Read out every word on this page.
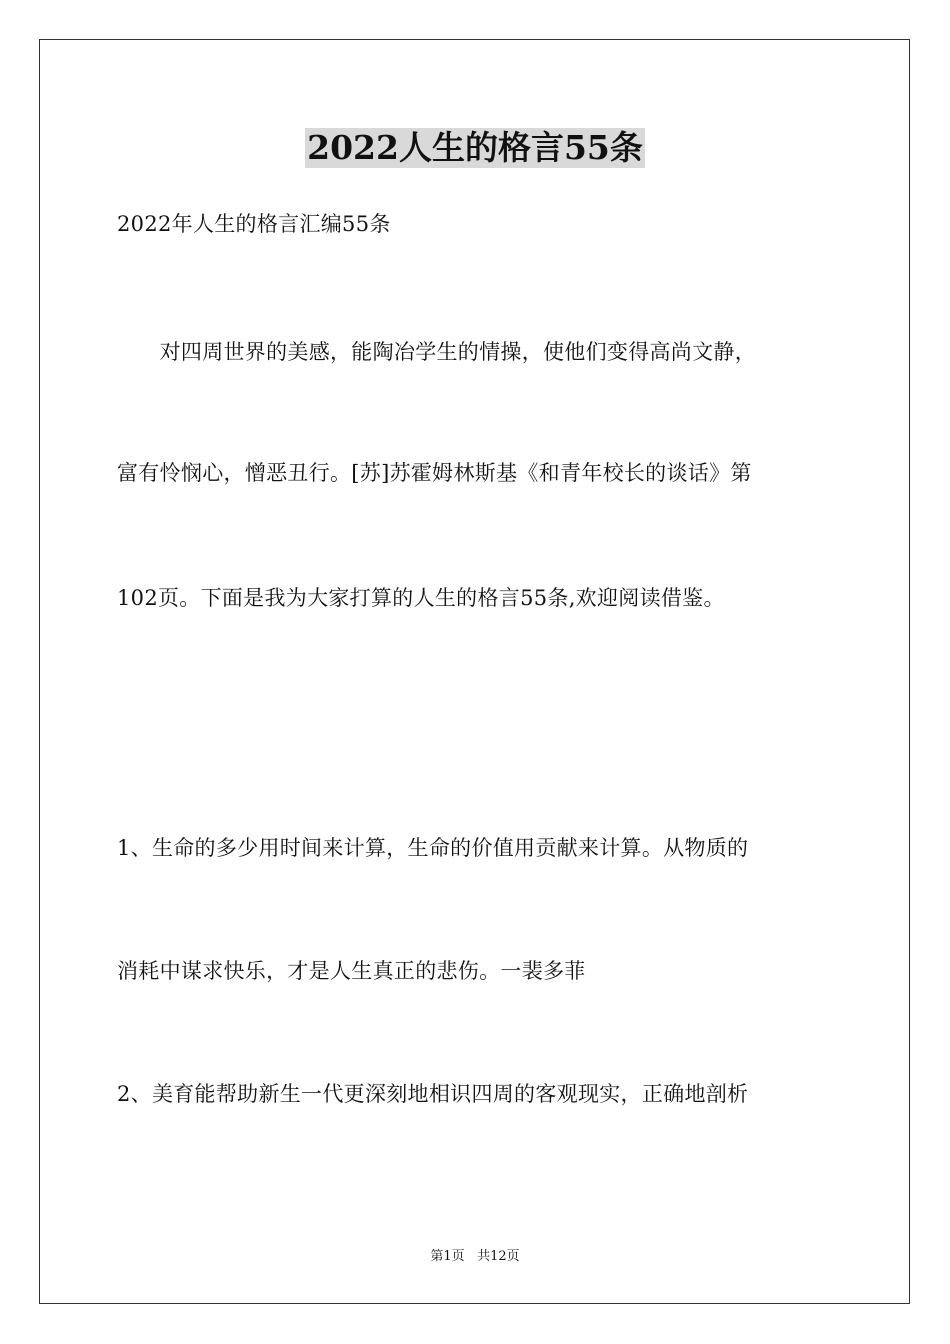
2022人生的格言55条
2022年人生的格言汇编55条
　　对四周世界的美感，能陶冶学生的情操，使他们变得高尚文静，
富有怜悯心，憎恶丑行。[苏]苏霍姆林斯基《和青年校长的谈话》第
102页。下面是我为大家打算的人生的格言55条,欢迎阅读借鉴。
1、生命的多少用时间来计算，生命的价值用贡献来计算。从物质的
消耗中谋求快乐，才是人生真正的悲伤。一裴多菲
2、美育能帮助新生一代更深刻地相识四周的客观现实，正确地剖析
第1页 共12页
